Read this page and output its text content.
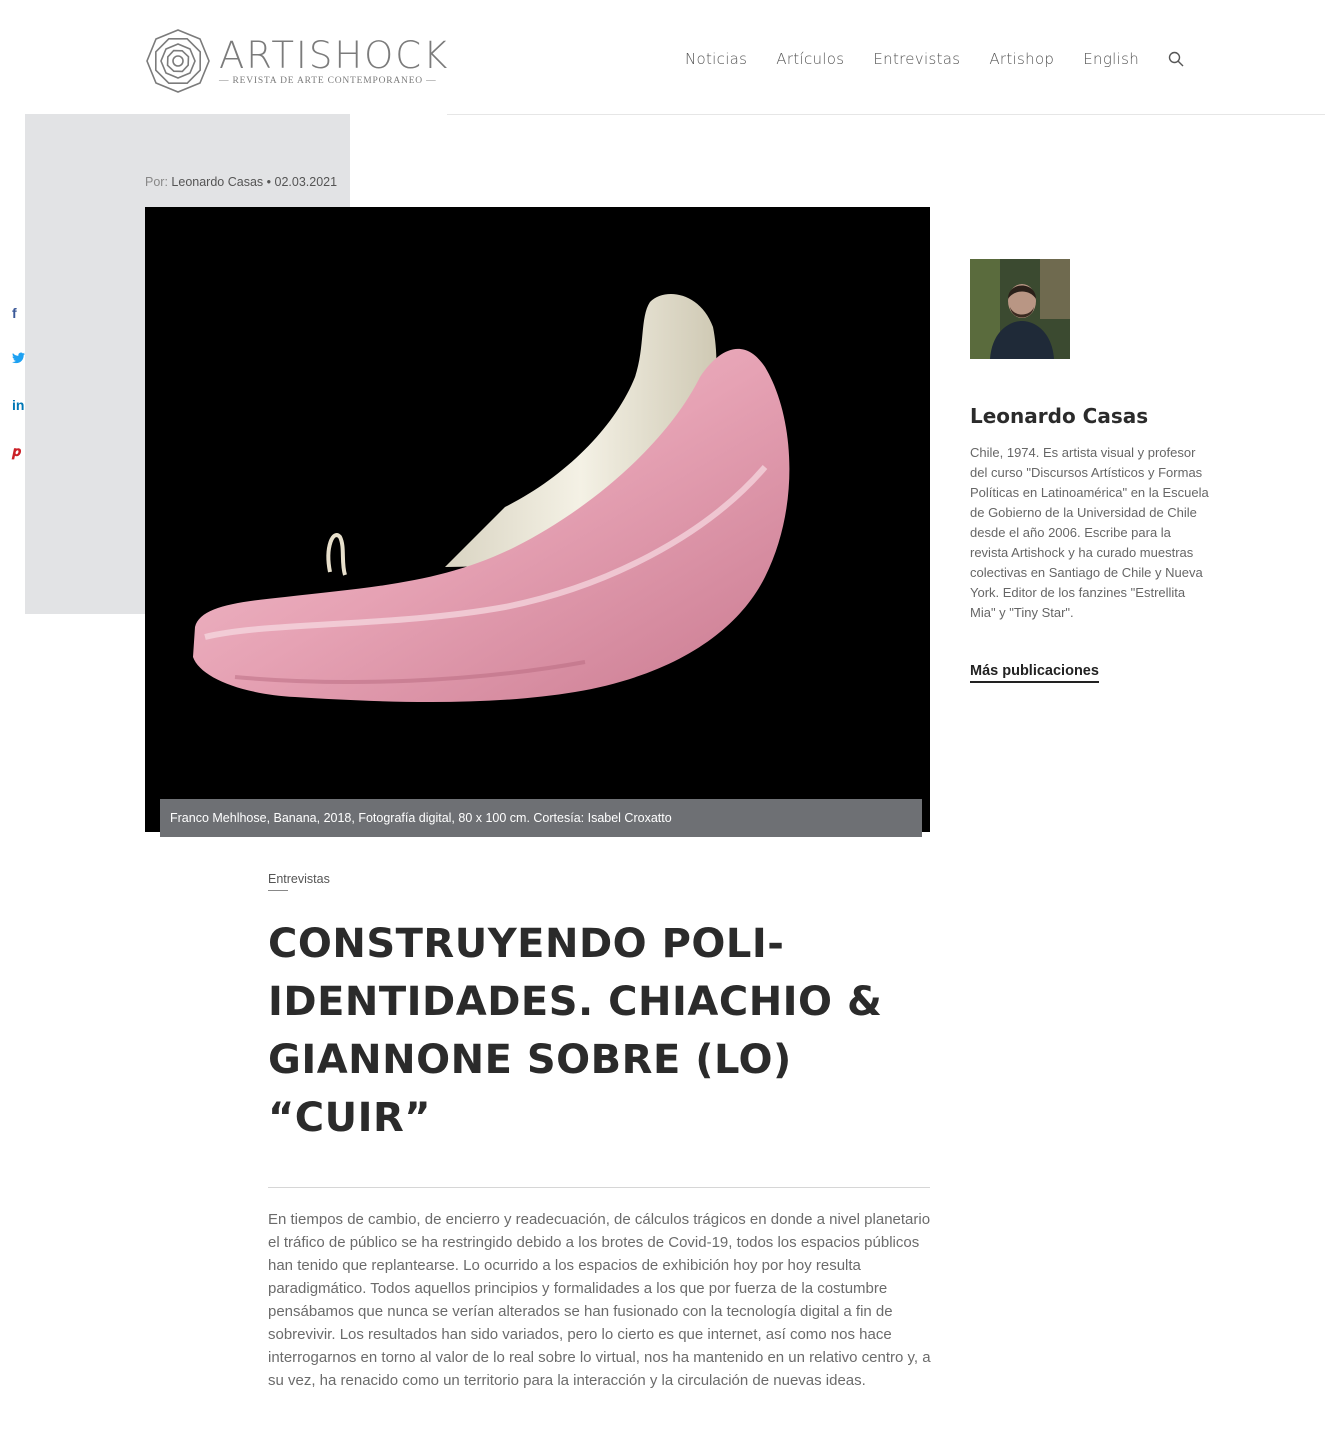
ARTISHOCK
— REVISTA DE ARTE CONTEMPORANEO —
Noticias Artículos Entrevistas Artishop English
f
in
𝒑
Por: Leonardo Casas • 02.03.2021
Franco Mehlhose, Banana, 2018, Fotografía digital, 80 x 100 cm. Cortesía: Isabel Croxatto
Leonardo Casas
Chile, 1974. Es artista visual y profesor del curso "Discursos Artísticos y Formas Políticas en Latinoamérica" en la Escuela de Gobierno de la Universidad de Chile desde el año 2006. Escribe para la revista Artishock y ha curado muestras colectivas en Santiago de Chile y Nueva York. Editor de los fanzines "Estrellita Mia" y "Tiny Star".
Más publicaciones
Entrevistas
CONSTRUYENDO POLI-IDENTIDADES. CHIACHIO & GIANNONE SOBRE (LO) “CUIR”

En tiempos de cambio, de encierro y readecuación, de cálculos trágicos en donde a nivel planetario el tráfico de público se ha restringido debido a los brotes de Covid-19, todos los espacios públicos han tenido que replantearse. Lo ocurrido a los espacios de exhibición hoy por hoy resulta paradigmático. Todos aquellos principios y formalidades a los que por fuerza de la costumbre pensábamos que nunca se verían alterados se han fusionado con la tecnología digital a fin de sobrevivir. Los resultados han sido variados, pero lo cierto es que internet, así como nos hace interrogarnos en torno al valor de lo real sobre lo virtual, nos ha mantenido en un relativo centro y, a su vez, ha renacido como un territorio para la interacción y la circulación de nuevas ideas.
